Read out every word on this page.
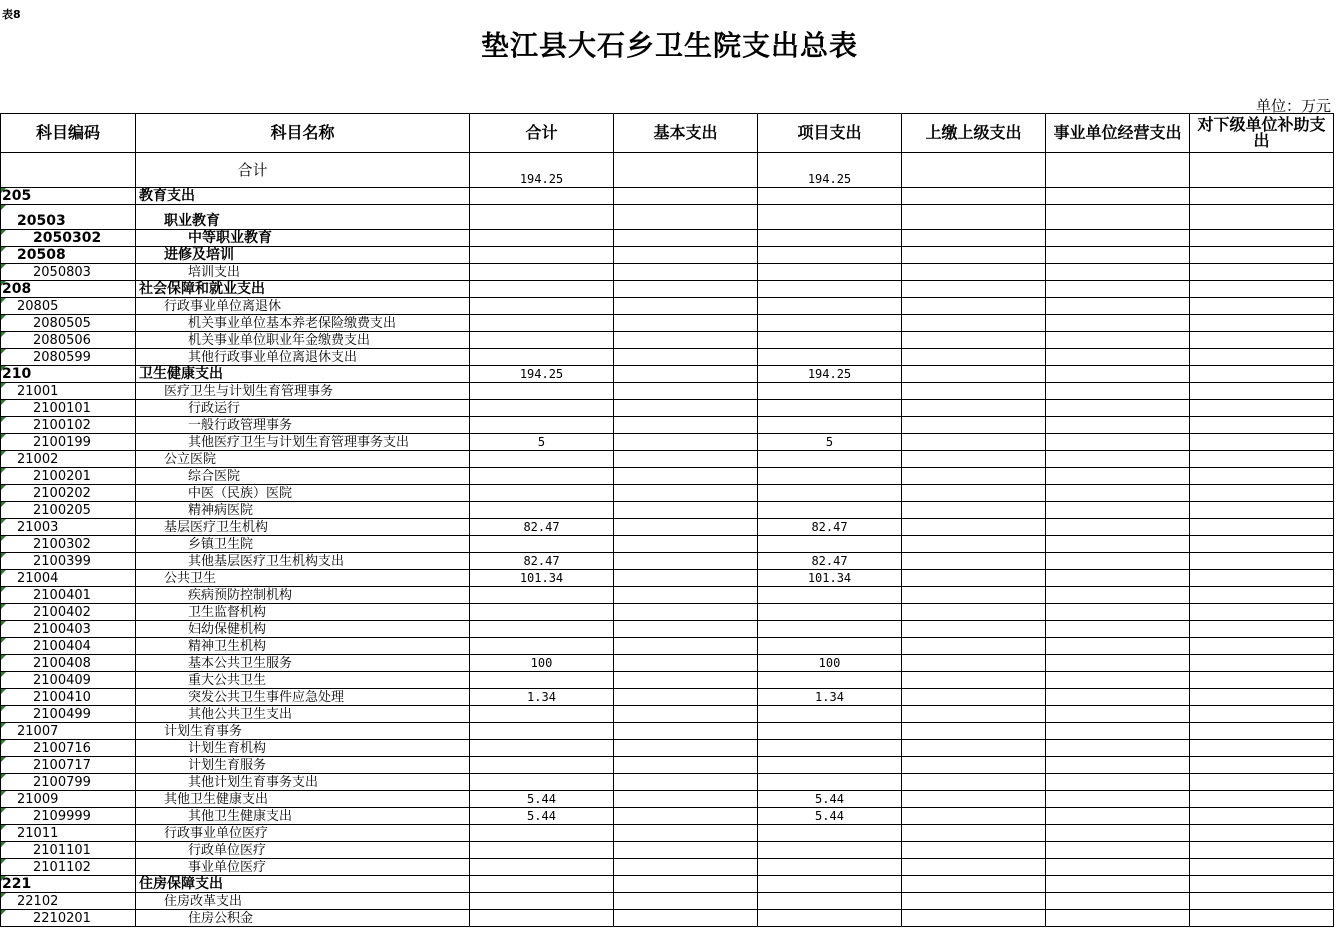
表8
垫江县大石乡卫生院支出总表
单位：万元
科目编码	科目名称	合计	基本支出	项目支出	上缴上级支出	事业单位经营支出	对下级单位补助支出
	合计	194.25		194.25			
205	教育支出						
20503	职业教育						
2050302	中等职业教育						
20508	进修及培训						
2050803	培训支出						
208	社会保障和就业支出						
20805	行政事业单位离退休						
2080505	机关事业单位基本养老保险缴费支出						
2080506	机关事业单位职业年金缴费支出						
2080599	其他行政事业单位离退休支出						
210	卫生健康支出	194.25		194.25			
21001	医疗卫生与计划生育管理事务						
2100101	行政运行						
2100102	一般行政管理事务						
2100199	其他医疗卫生与计划生育管理事务支出	5		5			
21002	公立医院						
2100201	综合医院						
2100202	中医（民族）医院						
2100205	精神病医院						
21003	基层医疗卫生机构	82.47		82.47			
2100302	乡镇卫生院						
2100399	其他基层医疗卫生机构支出	82.47		82.47			
21004	公共卫生	101.34		101.34			
2100401	疾病预防控制机构						
2100402	卫生监督机构						
2100403	妇幼保健机构						
2100404	精神卫生机构						
2100408	基本公共卫生服务	100		100			
2100409	重大公共卫生						
2100410	突发公共卫生事件应急处理	1.34		1.34			
2100499	其他公共卫生支出						
21007	计划生育事务						
2100716	计划生育机构						
2100717	计划生育服务						
2100799	其他计划生育事务支出						
21009	其他卫生健康支出	5.44		5.44			
2109999	其他卫生健康支出	5.44		5.44			
21011	行政事业单位医疗						
2101101	行政单位医疗						
2101102	事业单位医疗						
221	住房保障支出						
22102	住房改革支出						
2210201	住房公积金						
